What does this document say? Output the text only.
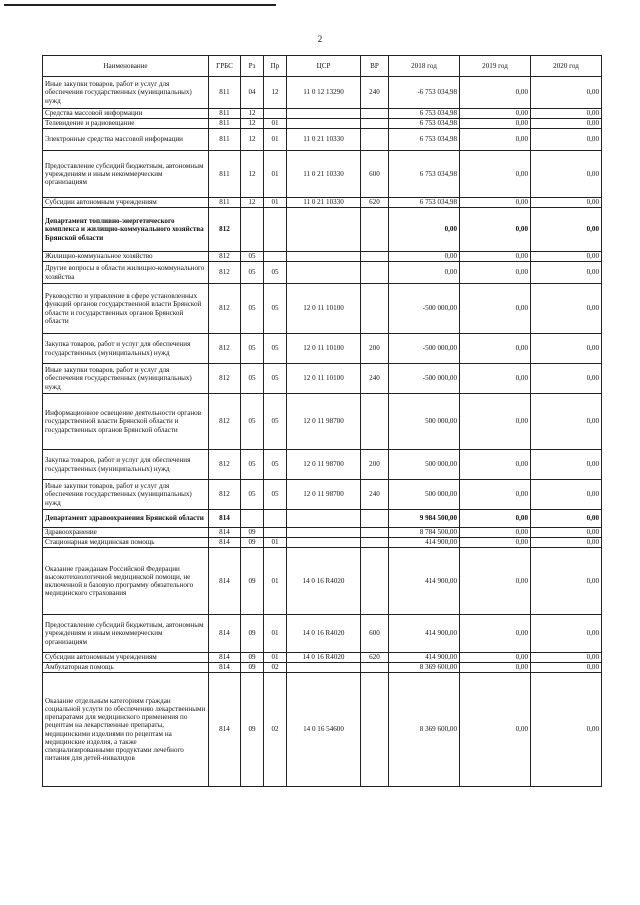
2
Наименование	ГРБС	Рз	Пр	ЦСР	ВР	2018 год	2019 год	2020 год
Иные закупки товаров, работ и услуг для обеспечения государственных (муниципальных) нужд	811	04	12	11 0 12 13290	240	-6 753 034,98	0,00	0,00
Средства массовой информации	811	12				6 753 034,98	0,00	0,00
Телевидение и радиовещание	811	12	01			6 753 034,98	0,00	0,00
Электронные средства массовой информации	811	12	01	11 0 21 10330		6 753 034,98	0,00	0,00
Предоставление субсидий бюджетным, автономным учреждениям и иным некоммерческим организациям	811	12	01	11 0 21 10330	600	6 753 034,98	0,00	0,00
Субсидии автономным учреждениям	811	12	01	11 0 21 10330	620	6 753 034,98	0,00	0,00
Департамент топливно-энергетического комплекса и жилищно-коммунального хозяйства Брянской области	812					0,00	0,00	0,00
Жилищно-коммунальное хозяйство	812	05				0,00	0,00	0,00
Другие вопросы в области жилищно-коммунального хозяйства	812	05	05			0,00	0,00	0,00
Руководство и управление в сфере установленных функций органов государственной власти Брянской области и государственных органов Брянской области	812	05	05	12 0 11 10100		-500 000,00	0,00	0,00
Закупка товаров, работ и услуг для обеспечения государственных (муниципальных) нужд	812	05	05	12 0 11 10100	200	-500 000,00	0,00	0,00
Иные закупки товаров, работ и услуг для обеспечения государственных (муниципальных) нужд	812	05	05	12 0 11 10100	240	-500 000,00	0,00	0,00
Информационное освещение деятельности органов государственной власти Брянской области и государственных органов Брянской области	812	05	05	12 0 11 98700		500 000,00	0,00	0,00
Закупка товаров, работ и услуг для обеспечения государственных (муниципальных) нужд	812	05	05	12 0 11 98700	200	500 000,00	0,00	0,00
Иные закупки товаров, работ и услуг для обеспечения государственных (муниципальных) нужд	812	05	05	12 0 11 98700	240	500 000,00	0,00	0,00
Департамент здравоохранения Брянской области	814					9 984 500,00	0,00	0,00
Здравоохранение	814	09				8 784 500,00	0,00	0,00
Стационарная медицинская помощь	814	09	01			414 900,00	0,00	0,00
Оказание гражданам Российской Федерации высокотехнологичной медицинской помощи, не включенной в базовую программу обязательного медицинского страхования	814	09	01	14 0 16 R4020		414 900,00	0,00	0,00
Предоставление субсидий бюджетным, автономным учреждениям и иным некоммерческим организациям	814	09	01	14 0 16 R4020	600	414 900,00	0,00	0,00
Субсидии автономным учреждениям	814	09	01	14 0 16 R4020	620	414 900,00	0,00	0,00
Амбулаторная помощь	814	09	02			8 369 600,00	0,00	0,00
Оказание отдельным категориям граждан социальной услуги по обеспечению лекарственными препаратами для медицинского применения по рецептам на лекарственные препараты, медицинскими изделиями по рецептам на медицинские изделия, а также специализированными продуктами лечебного питания для детей-инвалидов	814	09	02	14 0 16 54600		8 369 600,00	0,00	0,00
